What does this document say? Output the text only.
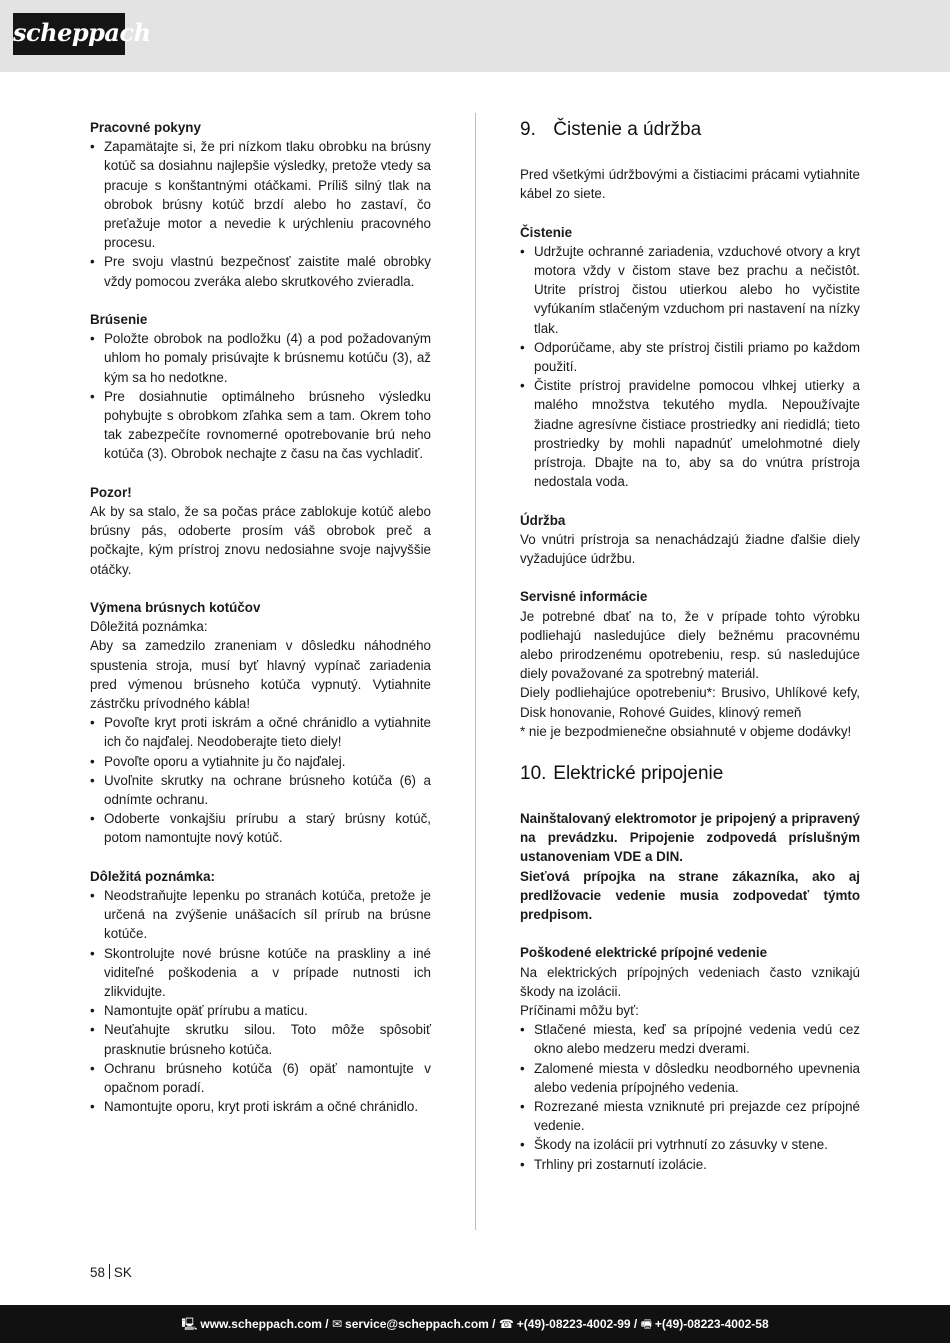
scheppach

Pracovné pokyny

• Zapamätajte si, že pri nízkom tlaku obrobku na brúsny kotúč sa dosiahnu najlepšie výsledky, pretože vtedy sa pracuje s konštantnými otáčkami. Príliš silný tlak na obrobok brúsny kotúč brzdí alebo ho zastaví, čo preťažuje motor a nevedie k urýchleniu pracovného procesu.
• Pre svoju vlastnú bezpečnosť zaistite malé obrobky vždy pomocou zveráka alebo skrutkového zvieradla.

Brúsenie

• Položte obrobok na podložku (4) a pod požadovaným uhlom ho pomaly prisúvajte k brúsnemu kotúču (3), až kým sa ho nedotkne.
• Pre dosiahnutie optimálneho brúsneho výsledku pohybujte s obrobkom zľahka sem a tam. Okrem toho tak zabezpečíte rovnomerné opotrebovanie brú neho kotúča (3). Obrobok nechajte z času na čas vychladiť.

Pozor!

Ak by sa stalo, že sa počas práce zablokuje kotúč alebo brúsny pás, odoberte prosím váš obrobok preč a počkajte, kým prístroj znovu nedosiahne svoje najvyššie otáčky.

Výmena brúsnych kotúčov

Dôležitá poznámka:

Aby sa zamedzilo zraneniam v dôsledku náhodného spustenia stroja, musí byť hlavný vypínač zariadenia pred výmenou brúsneho kotúča vypnutý. Vytiahnite zástrčku prívodného kábla!

• Povoľte kryt proti iskrám a očné chránidlo a vytiahnite ich čo najďalej. Neodoberajte tieto diely!
• Povoľte oporu a vytiahnite ju čo najďalej.
• Uvoľnite skrutky na ochrane brúsneho kotúča (6) a odnímte ochranu.
• Odoberte vonkajšiu prírubu a starý brúsny kotúč, potom namontujte nový kotúč.

Dôležitá poznámka:

• Neodstraňujte lepenku po stranách kotúča, pretože je určená na zvýšenie unášacích síl prírub na brúsne kotúče.
• Skontrolujte nové brúsne kotúče na praskliny a iné viditeľné poškodenia a v prípade nutnosti ich zlikvidujte.
• Namontujte opäť prírubu a maticu.
• Neuťahujte skrutku silou. Toto môže spôsobiť prasknutie brúsneho kotúča.
• Ochranu brúsneho kotúča (6) opäť namontujte v opačnom poradí.
• Namontujte oporu, kryt proti iskrám a očné chránidlo.
9. Čistenie a údržba

Pred všetkými údržbovými a čistiacimi prácami vytiahnite kábel zo siete.

Čistenie

• Udržujte ochranné zariadenia, vzduchové otvory a kryt motora vždy v čistom stave bez prachu a nečistôt. Utrite prístroj čistou utierkou alebo ho vyčistite vyfúkaním stlačeným vzduchom pri nastavení na nízky tlak.
• Odporúčame, aby ste prístroj čistili priamo po každom použití.
• Čistite prístroj pravidelne pomocou vlhkej utierky a malého množstva tekutého mydla. Nepoužívajte žiadne agresívne čistiace prostriedky ani riedidlá; tieto prostriedky by mohli napadnúť umelohmotné diely prístroja. Dbajte na to, aby sa do vnútra prístroja nedostala voda.

Údržba

Vo vnútri prístroja sa nenachádzajú žiadne ďalšie diely vyžadujúce údržbu.

Servisné informácie

Je potrebné dbať na to, že v prípade tohto výrobku podliehajú nasledujúce diely bežnému pracovnému alebo prirodzenému opotrebeniu, resp. sú nasledujúce diely považované za spotrebný materiál.

Diely podliehajúce opotrebeniu*: Brusivo, Uhlíkové kefy, Disk honovanie, Rohové Guides, klinový remeň

* nie je bezpodmienečne obsiahnuté v objeme dodávky!

10. Elektrické pripojenie

Nainštalovaný elektromotor je pripojený a pripravený na prevádzku. Pripojenie zodpovedá príslušným ustanoveniam VDE a DIN.

Sieťová prípojka na strane zákazníka, ako aj predlžovacie vedenie musia zodpovedať týmto predpisom.

Poškodené elektrické prípojné vedenie

Na elektrických prípojných vedeniach často vznikajú škody na izolácii.

Príčinami môžu byť:

• Stlačené miesta, keď sa prípojné vedenia vedú cez okno alebo medzeru medzi dverami.
• Zalomené miesta v dôsledku neodborného upevnenia alebo vedenia prípojného vedenia.
• Rozrezané miesta vzniknuté pri prejazde cez prípojné vedenie.
• Škody na izolácii pri vytrhnutí zo zásuvky v stene.
• Trhliny pri zostarnutí izolácie.
58 SK
🖳 www.scheppach.com / ✉ service@scheppach.com / ☎ +(49)-08223-4002-99 / 🖷 +(49)-08223-4002-58
